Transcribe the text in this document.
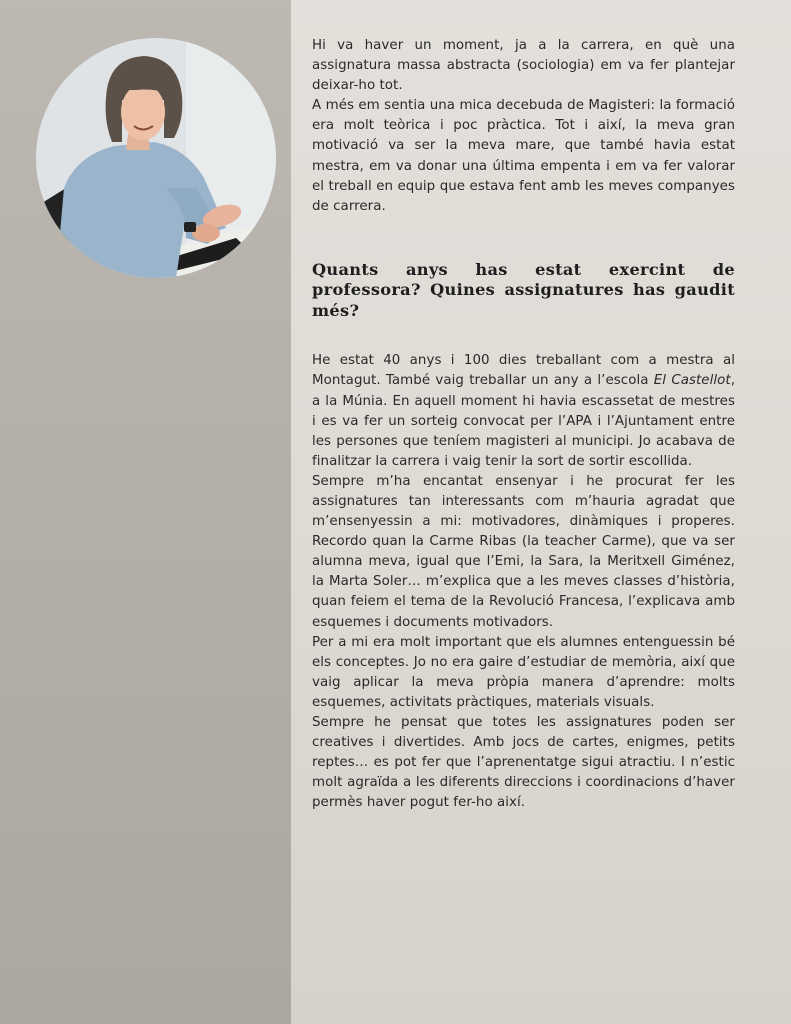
Hi va haver un moment, ja a la carrera, en què una assignatura massa abstracta (sociologia) em va fer plantejar deixar-ho tot.

A més em sentia una mica decebuda de Magisteri: la formació era molt teòrica i poc pràctica. Tot i així, la meva gran motivació va ser la meva mare, que també havia estat mestra, em va donar una última empenta i em va fer valorar el treball en equip que estava fent amb les meves companyes de carrera.

Quants anys has estat exercint de professora? Quines assignatures has gaudit més?

He estat 40 anys i 100 dies treballant com a mestra al Montagut. També vaig treballar un any a l’escola El Castellot, a la Múnia. En aquell moment hi havia escassetat de mestres i es va fer un sorteig convocat per l’APA i l’Ajuntament entre les persones que teníem magisteri al municipi. Jo acabava de finalitzar la carrera i vaig tenir la sort de sortir escollida.

Sempre m’ha encantat ensenyar i he procurat fer les assignatures tan interessants com m’hauria agradat que m’ensenyessin a mi: motivadores, dinàmiques i properes. Recordo quan la Carme Ribas (la teacher Carme), que va ser alumna meva, igual que l’Emi, la Sara, la Meritxell Giménez, la Marta Soler… m’explica que a les meves classes d’història, quan feiem el tema de la Revolució Francesa, l’explicava amb esquemes i documents motivadors.

Per a mi era molt important que els alumnes entenguessin bé els conceptes. Jo no era gaire d’estudiar de memòria, així que vaig aplicar la meva pròpia manera d’aprendre: molts esquemes, activitats pràctiques, materials visuals.

Sempre he pensat que totes les assignatures poden ser creatives i divertides. Amb jocs de cartes, enigmes, petits reptes… es pot fer que l’aprenentatge sigui atractiu. I n’estic molt agraïda a les diferents direccions i coordinacions d’haver permès haver pogut fer-ho així.
